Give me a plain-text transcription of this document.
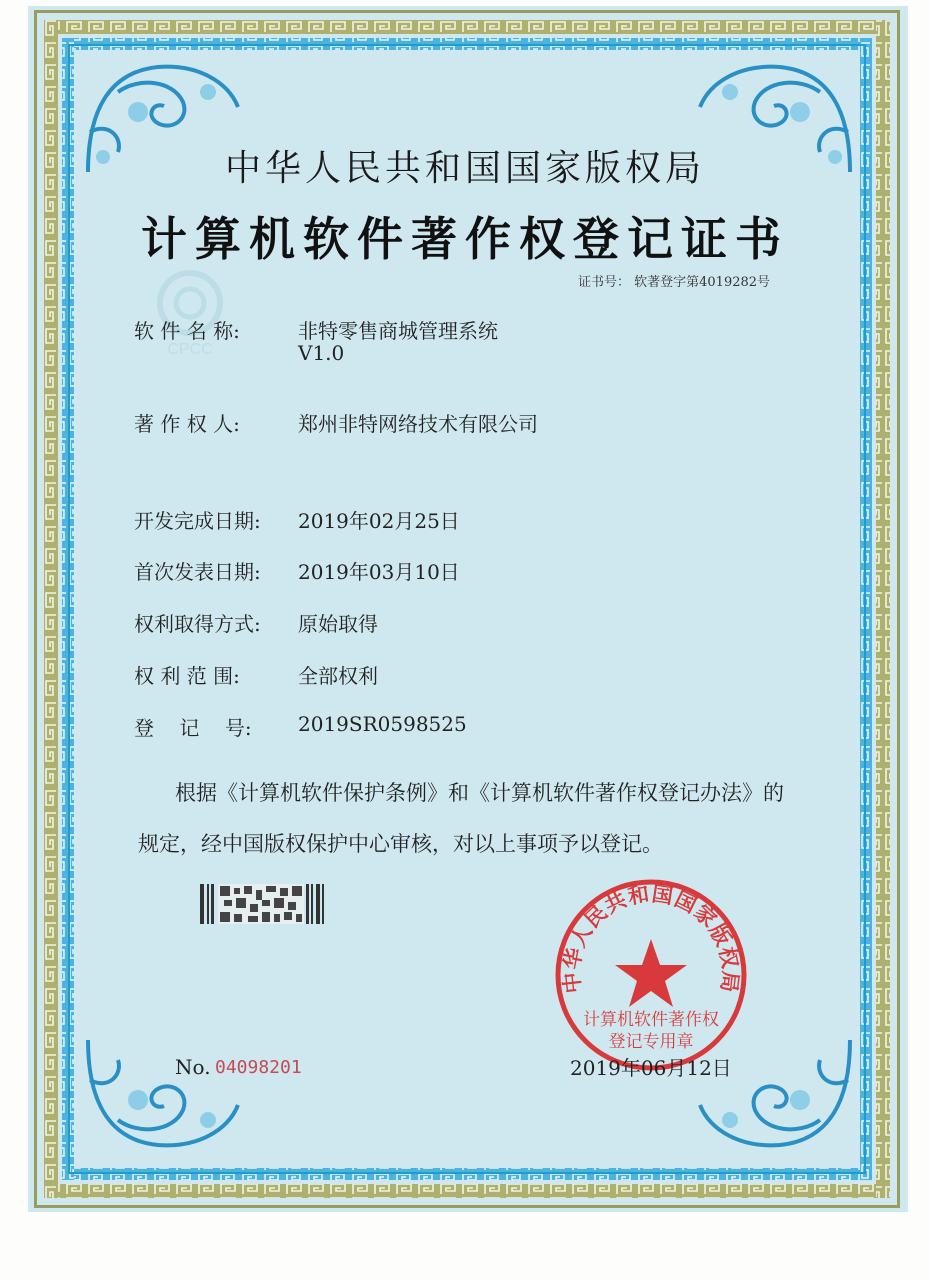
CPCC
中华人民共和国国家版权局
计算机软件著作权登记证书
证书号： 软著登字第4019282号
软 件 名 称:	非特零售商城管理系统
V1.0
著 作 权 人:	郑州非特网络技术有限公司
开发完成日期: 2019年02月25日
首次发表日期: 2019年03月10日
权利取得方式: 原始取得
权 利 范 围:	全部权利
登    记    号: 2019SR0598525
根据《计算机软件保护条例》和《计算机软件著作权登记办法》的
规定，经中国版权保护中心审核，对以上事项予以登记。
中华人民共和国国家版权局
计算机软件著作权
登记专用章
No. 04098201	2019年06月12日
